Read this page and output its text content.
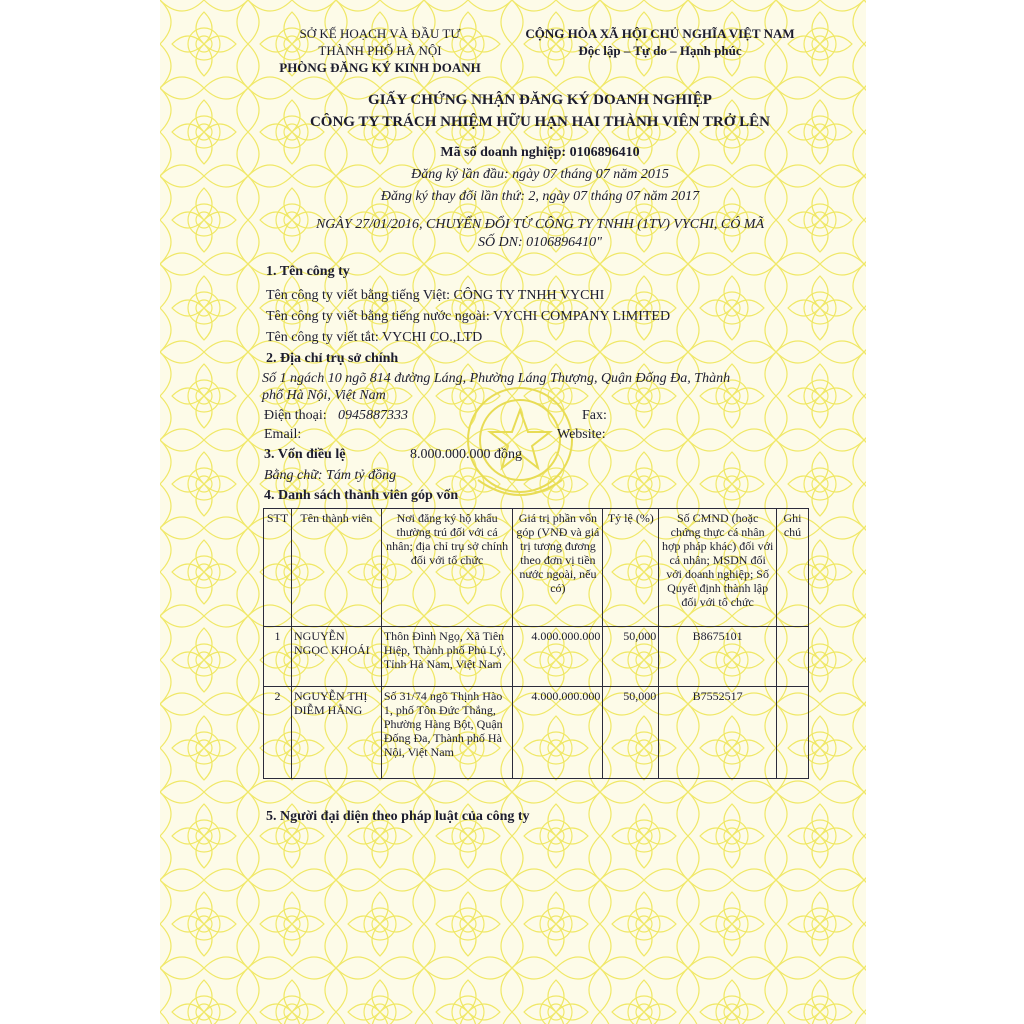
SỞ KẾ HOẠCH VÀ ĐẦU TƯ
THÀNH PHỐ HÀ NỘI
PHÒNG ĐĂNG KÝ KINH DOANH
CỘNG HÒA XÃ HỘI CHỦ NGHĨA VIỆT NAM
Độc lập – Tự do – Hạnh phúc
GIẤY CHỨNG NHẬN ĐĂNG KÝ DOANH NGHIỆP
CÔNG TY TRÁCH NHIỆM HỮU HẠN HAI THÀNH VIÊN TRỞ LÊN
Mã số doanh nghiệp: 0106896410
Đăng ký lần đầu: ngày 07 tháng 07 năm 2015
Đăng ký thay đổi lần thứ: 2, ngày 07 tháng 07 năm 2017
NGÀY 27/01/2016, CHUYỂN ĐỔI TỪ CÔNG TY TNHH (1TV) VYCHI, CÓ MÃ
SỐ DN: 0106896410"
1. Tên công ty
Tên công ty viết bằng tiếng Việt: CÔNG TY TNHH VYCHI
Tên công ty viết bằng tiếng nước ngoài: VYCHI COMPANY LIMITED
Tên công ty viết tắt: VYCHI CO.,LTD
2. Địa chỉ trụ sở chính
Số 1 ngách 10 ngõ 814 đường Láng, Phường Láng Thượng, Quận Đống Đa, Thành
phố Hà Nội, Việt Nam
Điện thoại: 0945887333	Fax:
Email:	Website:
3. Vốn điều lệ	8.000.000.000 đồng
Bằng chữ: Tám tỷ đồng
4. Danh sách thành viên góp vốn
STT	Tên thành viên	Nơi đăng ký hộ khẩu thường trú đối với cá nhân; địa chỉ trụ sở chính đối với tổ chức	Giá trị phần vốn góp (VNĐ và giá trị tương đương theo đơn vị tiền nước ngoài, nếu có)	Tỷ lệ (%)	Số CMND (hoặc chứng thực cá nhân hợp pháp khác) đối với cá nhân; MSDN đối với doanh nghiệp; Số Quyết định thành lập đối với tổ chức	Ghi chú
1	NGUYỄN NGỌC KHOÁI	Thôn Đình Ngọ, Xã Tiên Hiệp, Thành phố Phủ Lý, Tỉnh Hà Nam, Việt Nam	4.000.000.000	50,000	B8675101	
2	NGUYỄN THỊ DIỄM HẰNG	Số 31/74 ngõ Thịnh Hào 1, phố Tôn Đức Thắng, Phường Hàng Bột, Quận Đống Đa, Thành phố Hà Nội, Việt Nam	4.000.000.000	50,000	B7552517	
5. Người đại diện theo pháp luật của công ty
